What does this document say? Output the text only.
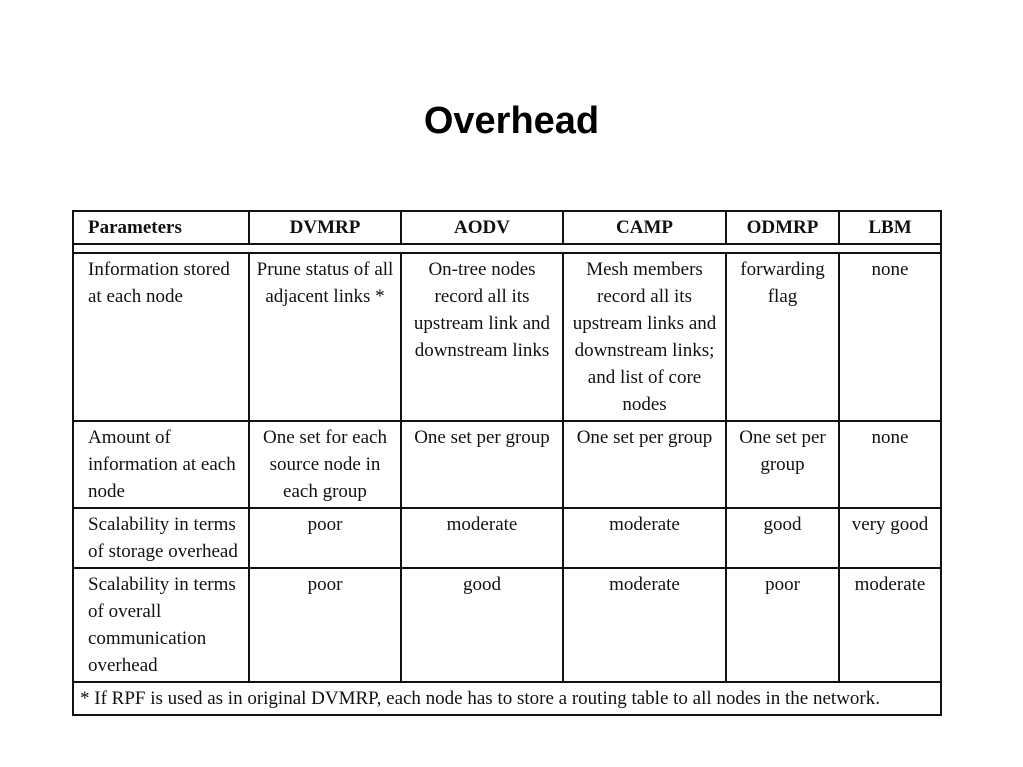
Overhead
Parameters	DVMRP	AODV	CAMP	ODMRP	LBM

Information stored at each node	Prune status of all adjacent links *	On-tree nodes record all its upstream link and downstream links	Mesh members record all its upstream links and downstream links; and list of core nodes	forwarding flag	none
Amount of information at each node	One set for each source node in each group	One set per group	One set per group	One set per group	none
Scalability in terms of storage overhead	poor	moderate	moderate	good	very good
Scalability in terms of overall communication overhead	poor	good	moderate	poor	moderate
* If RPF is used as in original DVMRP, each node has to store a routing table to all nodes in the network.					
